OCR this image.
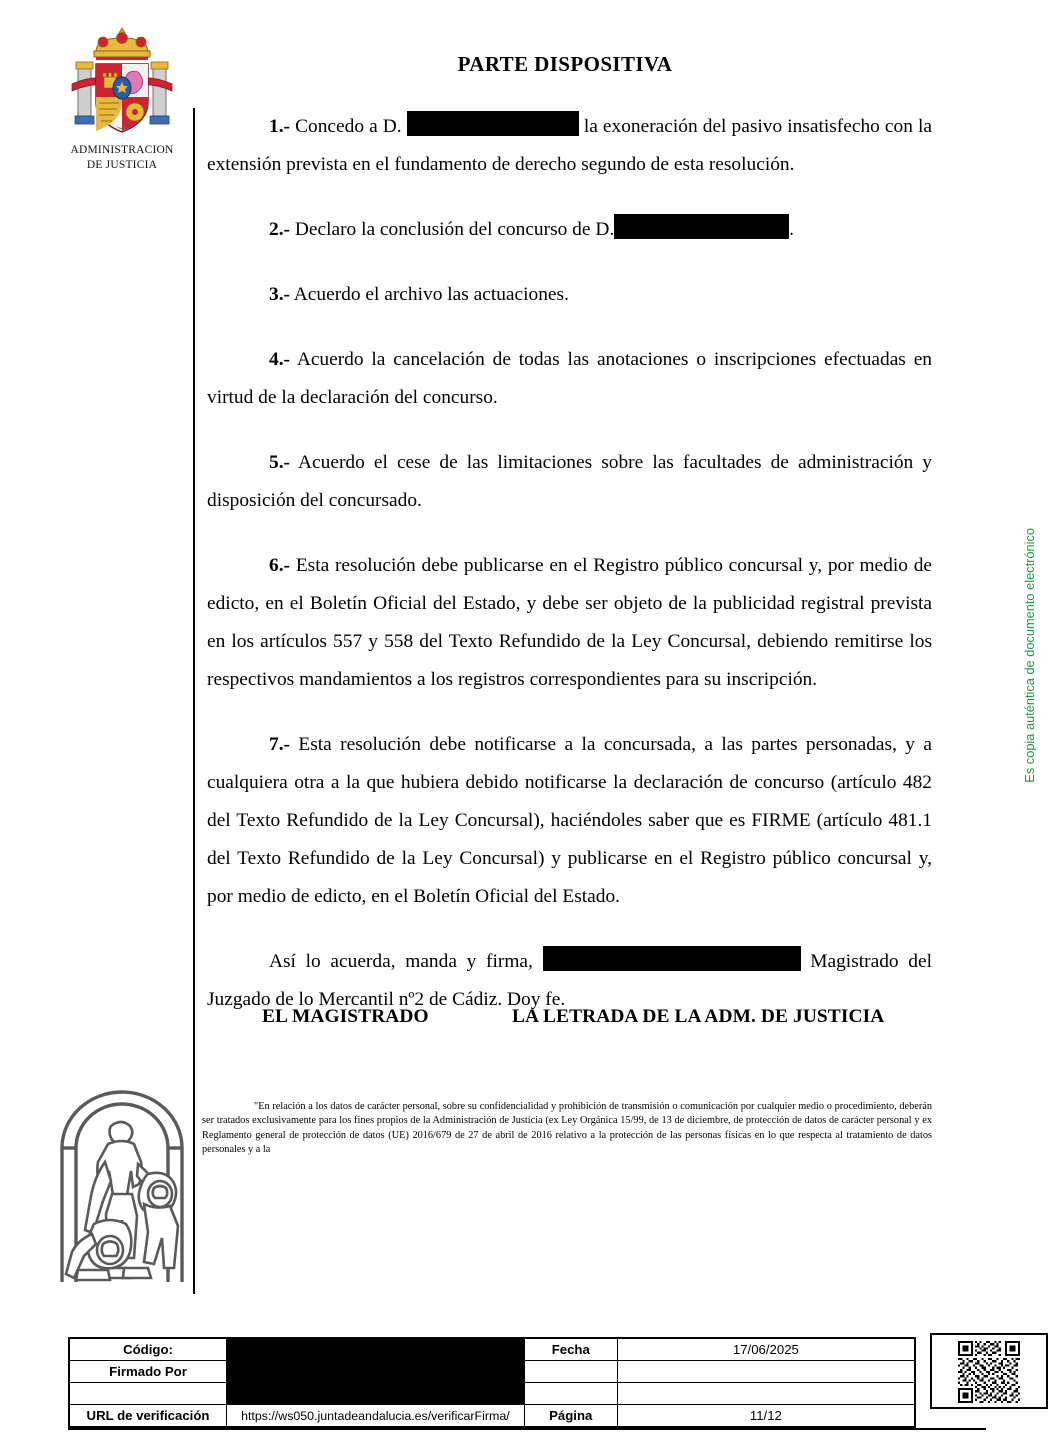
ADMINISTRACION
DE JUSTICIA
PARTE DISPOSITIVA

1.- Concedo a D.	la exoneración del pasivo insatisfecho con la extensión prevista en el fundamento de derecho segundo de esta resolución.

2.- Declaro la conclusión del concurso de D.	.

3.- Acuerdo el archivo las actuaciones.

4.- Acuerdo la cancelación de todas las anotaciones o inscripciones efectuadas en virtud de la declaración del concurso.

5.- Acuerdo el cese de las limitaciones sobre las facultades de administración y disposición del concursado.

6.- Esta resolución debe publicarse en el Registro público concursal y, por medio de edicto, en el Boletín Oficial del Estado, y debe ser objeto de la publicidad registral prevista en los artículos 557 y 558 del Texto Refundido de la Ley Concursal, debiendo remitirse los respectivos mandamientos a los registros correspondientes para su inscripción.

7.- Esta resolución debe notificarse a la concursada, a las partes personadas, y a cualquiera otra a la que hubiera debido notificarse la declaración de concurso (artículo 482 del Texto Refundido de la Ley Concursal), haciéndoles saber que es FIRME (artículo 481.1 del Texto Refundido de la Ley Concursal) y publicarse en el Registro público concursal y, por medio de edicto, en el Boletín Oficial del Estado.

Así lo acuerda, manda y firma,	Magistrado del Juzgado de lo Mercantil nº2 de Cádiz. Doy fe.

EL MAGISTRADO	LA LETRADA DE LA ADM. DE JUSTICIA
"En relación a los datos de carácter personal, sobre su confidencialidad y prohibición de transmisión o comunicación por cualquier medio o procedimiento, deberán ser tratados exclusivamente para los fines propios de la Administración de Justicia (ex Ley Orgánica 15/99, de 13 de diciembre, de protección de datos de carácter personal y ex Reglamento general de protección de datos (UE) 2016/679 de 27 de abril de 2016 relativo a la protección de las personas físicas en lo que respecta al tratamiento de datos personales y a la
Es copia auténtica de documento electrónico
Código:		Fecha	17/06/2025
Firmado Por			

URL de verificación	https://ws050.juntadeandalucia.es/verificarFirma/	Página	11/12
